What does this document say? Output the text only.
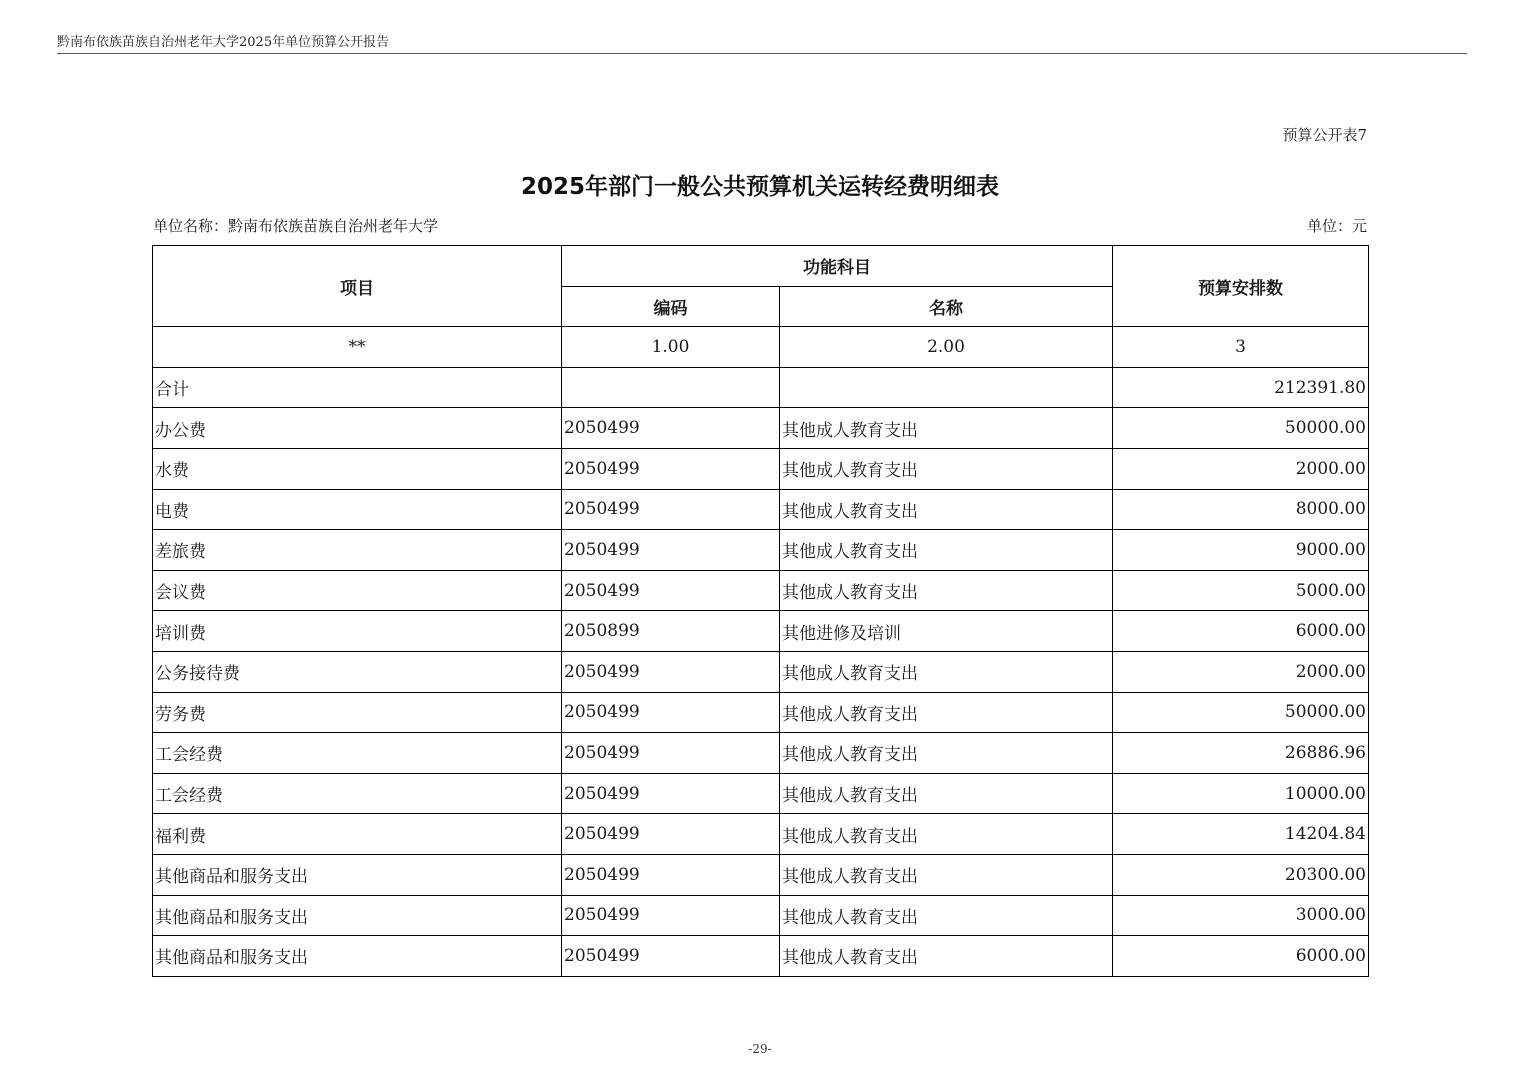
黔南布依族苗族自治州老年大学2025年单位预算公开报告
预算公开表7
2025年部门一般公共预算机关运转经费明细表
单位名称：黔南布依族苗族自治州老年大学	单位：元
项目	功能科目		预算安排数
	编码	名称	
**	1.00	2.00	3
合计			212391.80
办公费	2050499	其他成人教育支出	50000.00
水费	2050499	其他成人教育支出	2000.00
电费	2050499	其他成人教育支出	8000.00
差旅费	2050499	其他成人教育支出	9000.00
会议费	2050499	其他成人教育支出	5000.00
培训费	2050899	其他进修及培训	6000.00
公务接待费	2050499	其他成人教育支出	2000.00
劳务费	2050499	其他成人教育支出	50000.00
工会经费	2050499	其他成人教育支出	26886.96
工会经费	2050499	其他成人教育支出	10000.00
福利费	2050499	其他成人教育支出	14204.84
其他商品和服务支出	2050499	其他成人教育支出	20300.00
其他商品和服务支出	2050499	其他成人教育支出	3000.00
其他商品和服务支出	2050499	其他成人教育支出	6000.00
-29-
